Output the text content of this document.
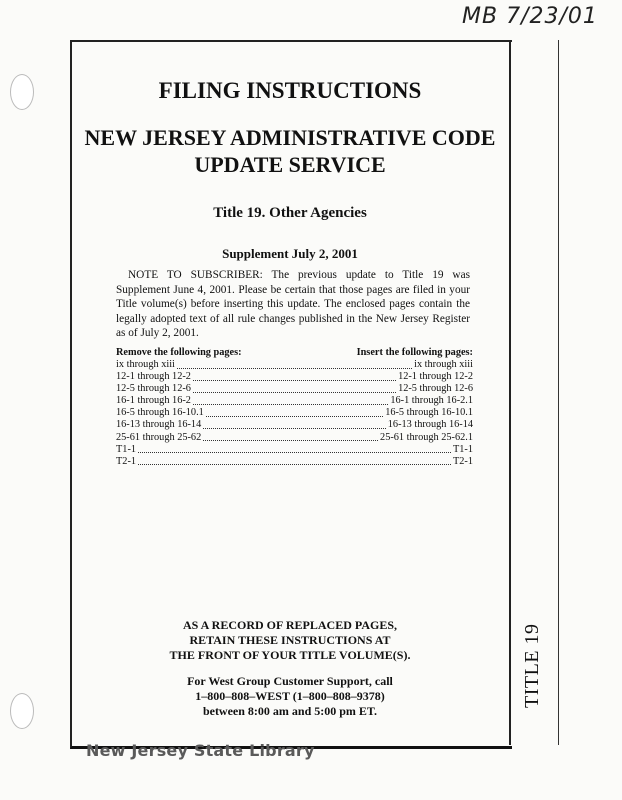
MB 7/23/01
TITLE 19
FILING INSTRUCTIONS
NEW JERSEY ADMINISTRATIVE CODE
UPDATE SERVICE
Title 19. Other Agencies
Supplement July 2, 2001
NOTE TO SUBSCRIBER: The previous update to Title 19 was Supplement June 4, 2001. Please be certain that those pages are filed in your Title volume(s) before inserting this update. The enclosed pages contain the legally adopted text of all rule changes published in the New Jersey Register as of July 2, 2001.
Remove the following pages:	Insert the following pages:
ix through xiii	ix through xiii
12-1 through 12-2	12-1 through 12-2
12-5 through 12-6	12-5 through 12-6
16-1 through 16-2	16-1 through 16-2.1
16-5 through 16-10.1	16-5 through 16-10.1
16-13 through 16-14	16-13 through 16-14
25-61 through 25-62	25-61 through 25-62.1
T1-1	T1-1
T2-1	T2-1
AS A RECORD OF REPLACED PAGES,
RETAIN THESE INSTRUCTIONS AT
THE FRONT OF YOUR TITLE VOLUME(S).
For West Group Customer Support, call
1–800–808–WEST (1–800–808–9378)
between 8:00 am and 5:00 pm ET.
New Jersey State Library
